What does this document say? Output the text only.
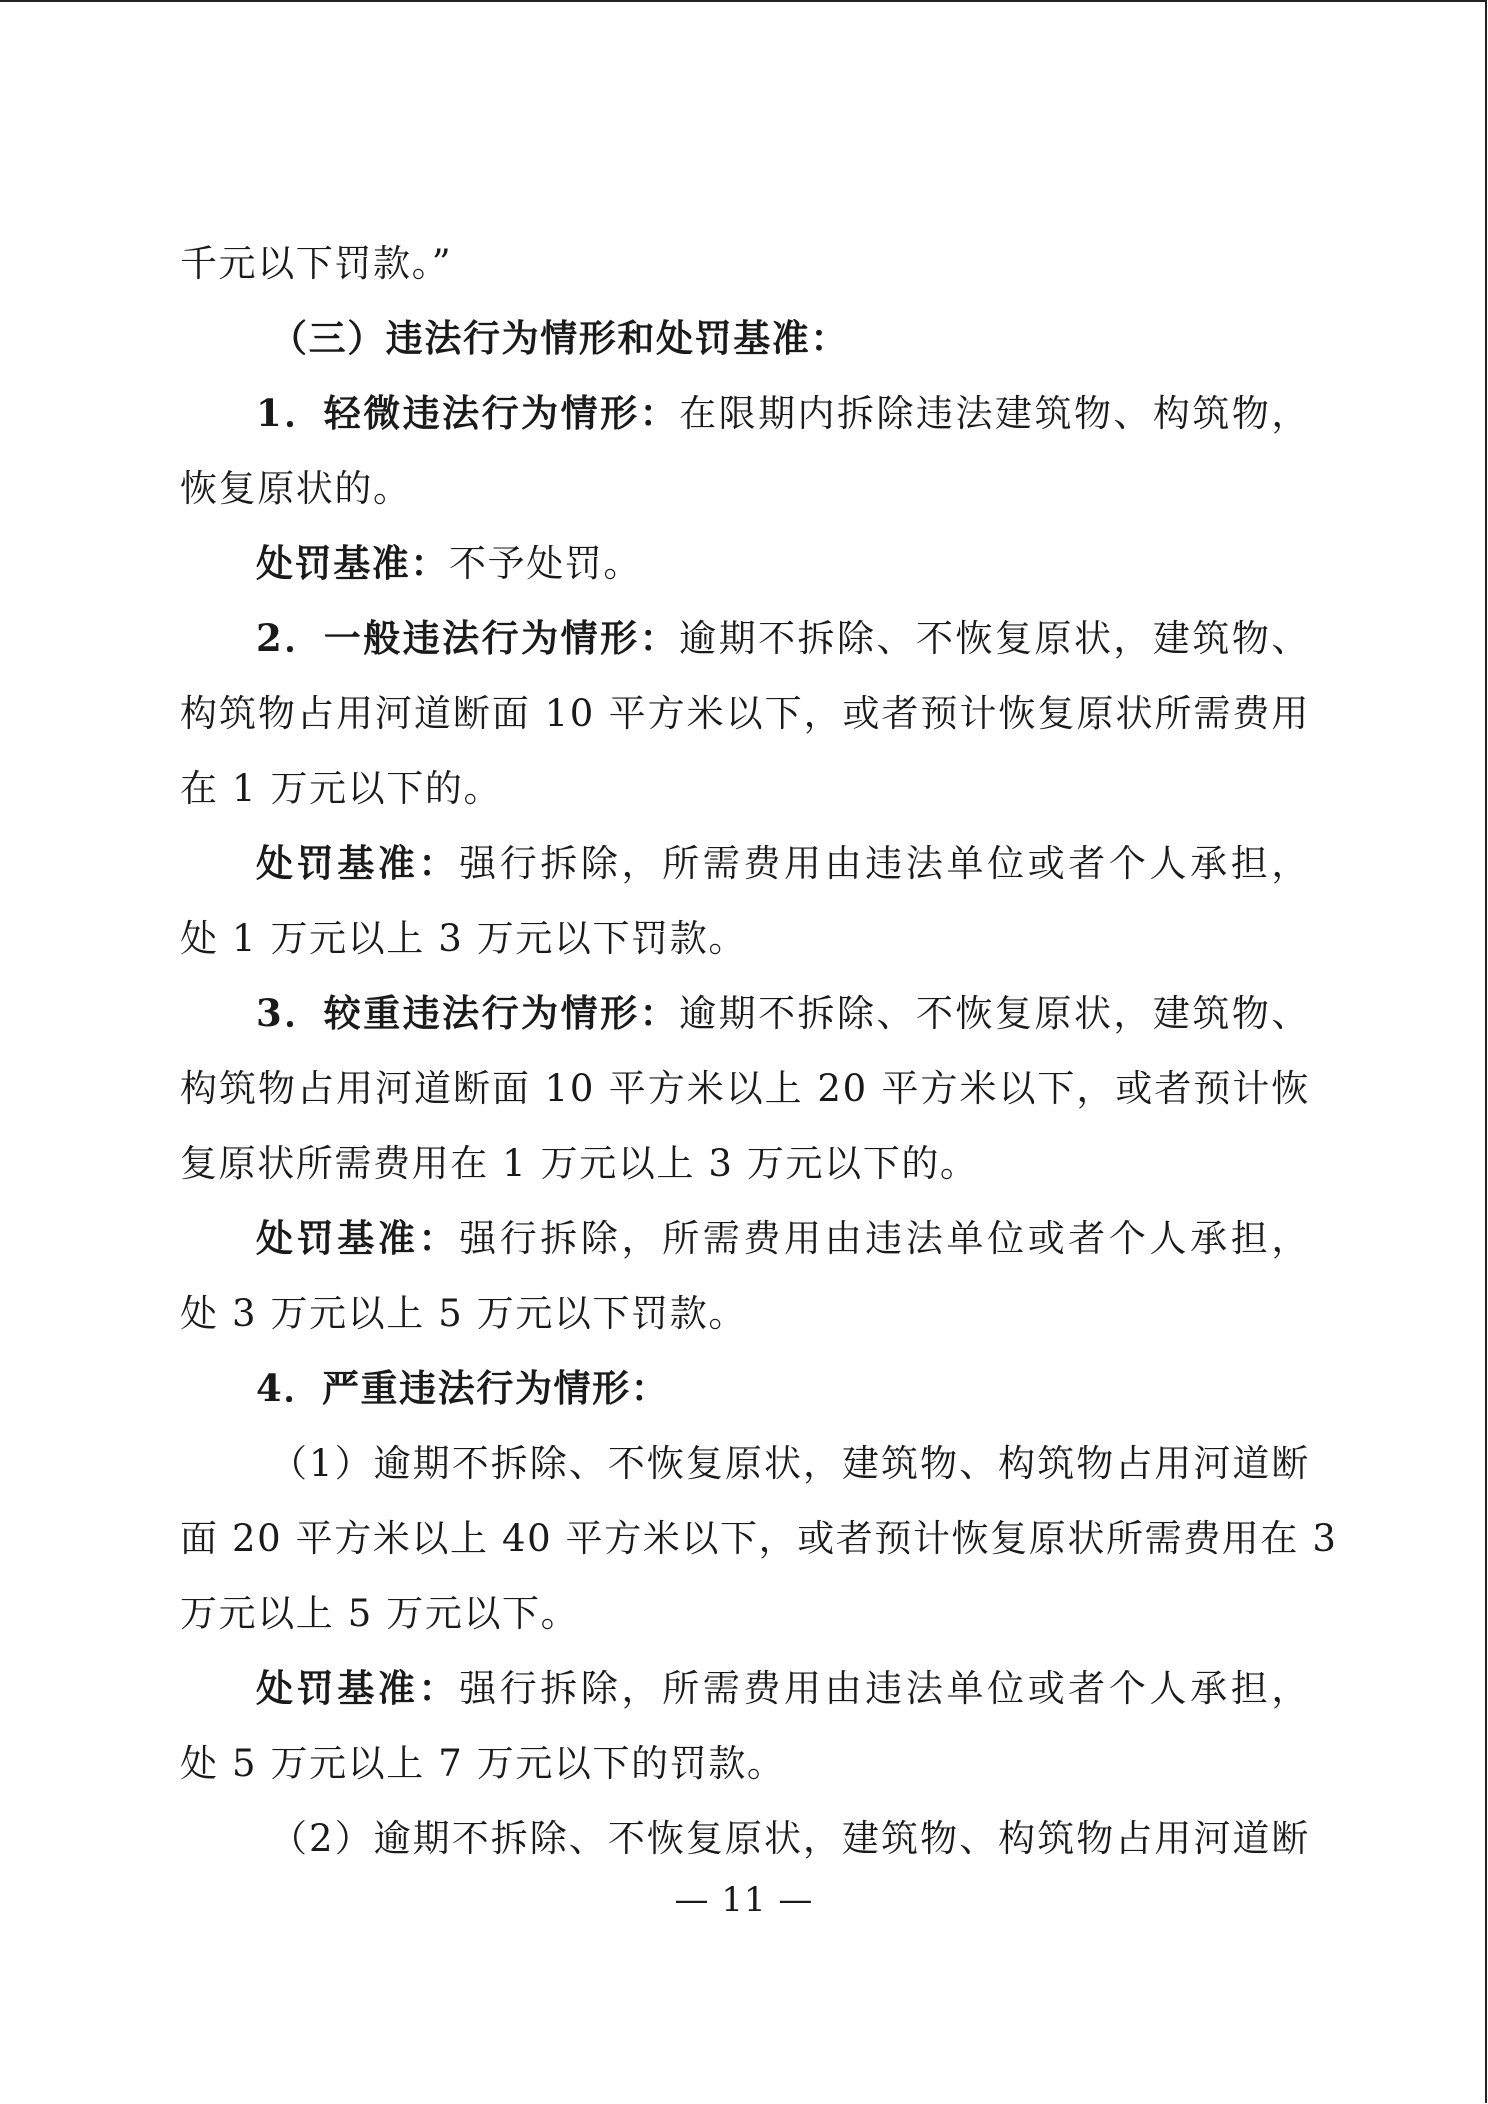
千元以下罚款。”
（三）违法行为情形和处罚基准：
1．轻微违法行为情形：在限期内拆除违法建筑物、构筑物，
恢复原状的。
处罚基准：不予处罚。
2．一般违法行为情形：逾期不拆除、不恢复原状，建筑物、
构筑物占用河道断面 10 平方米以下，或者预计恢复原状所需费用
在 1 万元以下的。
处罚基准：强行拆除，所需费用由违法单位或者个人承担，
处 1 万元以上 3 万元以下罚款。
3．较重违法行为情形：逾期不拆除、不恢复原状，建筑物、
构筑物占用河道断面 10 平方米以上 20 平方米以下，或者预计恢
复原状所需费用在 1 万元以上 3 万元以下的。
处罚基准：强行拆除，所需费用由违法单位或者个人承担，
处 3 万元以上 5 万元以下罚款。
4．严重违法行为情形：
（1）逾期不拆除、不恢复原状，建筑物、构筑物占用河道断
面 20 平方米以上 40 平方米以下，或者预计恢复原状所需费用在 3
万元以上 5 万元以下。
处罚基准：强行拆除，所需费用由违法单位或者个人承担，
处 5 万元以上 7 万元以下的罚款。
（2）逾期不拆除、不恢复原状，建筑物、构筑物占用河道断
— 11 —
